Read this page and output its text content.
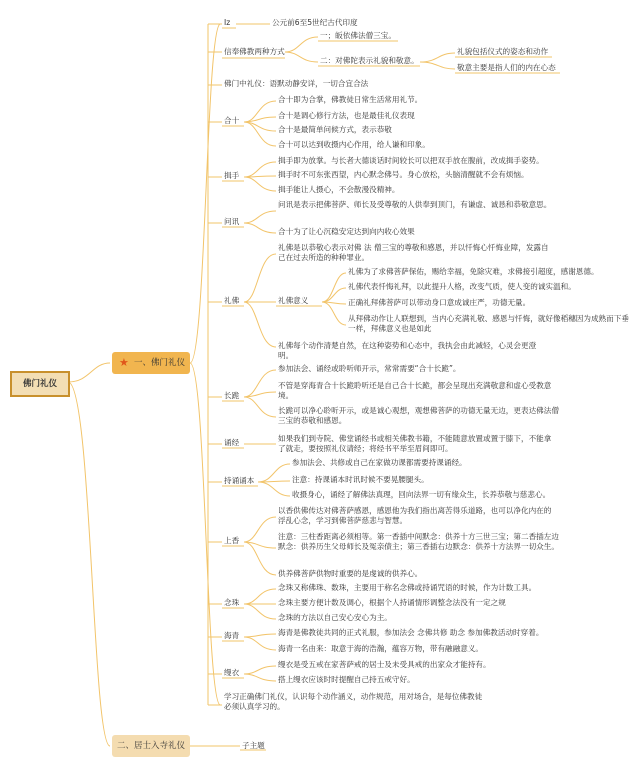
佛门礼仪
★ 一、佛门礼仪
二、居士入寺礼仪	子主题
Iz	公元前6至5世纪古代印度
信奉佛教两种方式
一；皈依佛法僧三宝。
二：对佛陀表示礼貌和敬意。
礼貌包括仪式的姿态和动作
敬意主要是指人们的内在心态
佛门中礼仪：语默动静安详，一切合宜合法
合十
合十即为合掌，佛教徒日常生活常用礼节。
合十是调心修行方法，也是最佳礼仪表现
合十是最简单问候方式，表示恭敬
合十可以达到收摄内心作用，给人谦和印象。
揖手
揖手即为放掌。与长者大德谈话时间较长可以把双手放在腹前，改成揖手姿势。
揖手时不可东张西望，内心默念佛号。身心放松，头脑清醒就不会有烦恼。
揖手能让人摄心，不会散漫没精神。
问讯
问讯是表示把佛菩萨、师长及受尊敬的人供奉到顶门，有谦虚、诚恳和恭敬意思。
合十为了让心沉稳安定达到向内收心效果
礼佛
礼佛是以恭敬心表示对佛 法 僧三宝的尊敬和感恩，并以忏悔心忏悔业障，发露自己在过去所造的种种罪业。
礼佛意义
礼佛为了求佛菩萨保佑，赐给幸福，免除灾难，求佛接引超度，感谢恩德。
礼佛代表忏悔礼拜，以此提升人格，改变气质，使人变的诚实温和。
正确礼拜佛菩萨可以带动身口意成诚庄严，功德无量。
从拜佛动作让人联想到，当内心充满礼敬、感恩与忏悔，就好像稻穗因为成熟而下垂一样，拜佛意义也是如此
礼佛每个动作清楚自然，在这种姿势和心态中，我执会由此减轻，心灵会更澄明。
长跪
参加法会、诵经或聆听师开示，常常需要“合十长跪”。
不管是穿海青合十长跪聆听还是自己合十长跪，都会呈现出充满敬意和虚心受教意境。
长跪可以净心聆听开示，或是诚心观想，观想佛菩萨的功德无量无边，更表达佛法僧三宝的恭敬和感恩。
诵经	如果我们到寺院、佛堂诵经书或相关佛教书籍，不能随意放置或置于膝下，不能拿了就走，要按照礼仪请经；将经书平举至眉间即可。
持诵诵本
参加法会、共修或自己在家做功课都需要持课诵经。
注意：持课诵本时讯时候不要晃腰腿头。
收摄身心，诵经了解佛法真理，回向法界一切有缘众生，长养恭敬与慈悲心。
上香
以香供佛传达对佛菩萨感恩，感恩他为我们指出离苦得乐道路，也可以净化内在的浮乱心念，学习到佛菩萨慈悲与智慧。
注意：三柱香距离必须相等。第一香插中间默念：供养十方三世三宝；第二香插左边默念：供养历生父母师长及冤亲债主；第三香插右边默念：供养十方法界一切众生。
供养佛菩萨供物时重要的是虔诚的供养心。
念珠
念珠又称佛珠、数珠，主要用于称名念佛或持诵咒语的时候，作为计数工具。
念珠主要方便计数及调心，根据个人持诵情形调整念法没有一定之规
念珠的方法以自己安心安心为主。
海青	海青是佛教徒共同的正式礼服，参加法会 念佛共修 助念 参加佛教活动时穿着。
海青一名由来：取意于海的浩瀚，蕴容万物，带有融融意义。
缦衣
缦衣是受五戒在家菩萨戒的居士及未受具戒的出家众才能持有。
搭上缦衣应该时时提醒自己持五戒守好。
学习正确佛门礼仪，认识每个动作涵义，动作规范，用对场合，是每位佛教徒必须认真学习的。
